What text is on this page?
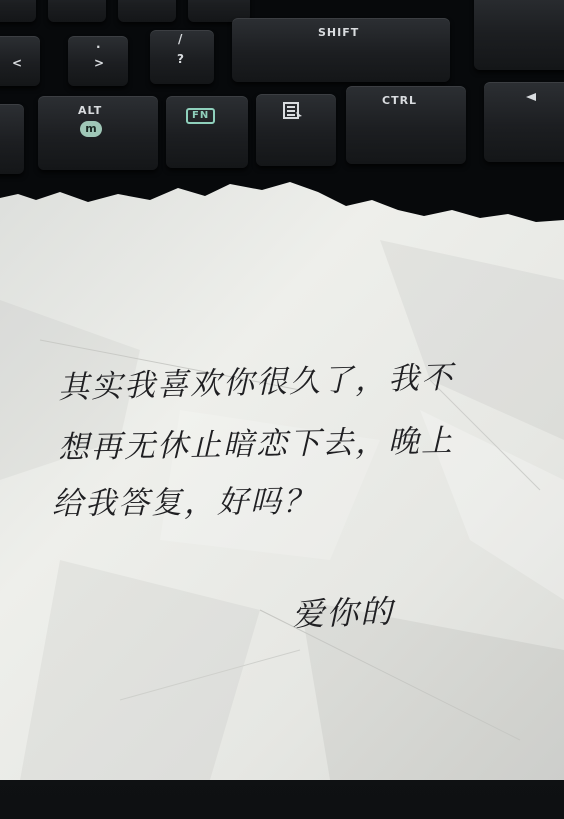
<
·
>
/
?
SHIFT
ALT
m
FN
CTRL
其实我喜欢你很久了，我不
想再无休止暗恋下去，晚上
给我答复，好吗？
爱你的
